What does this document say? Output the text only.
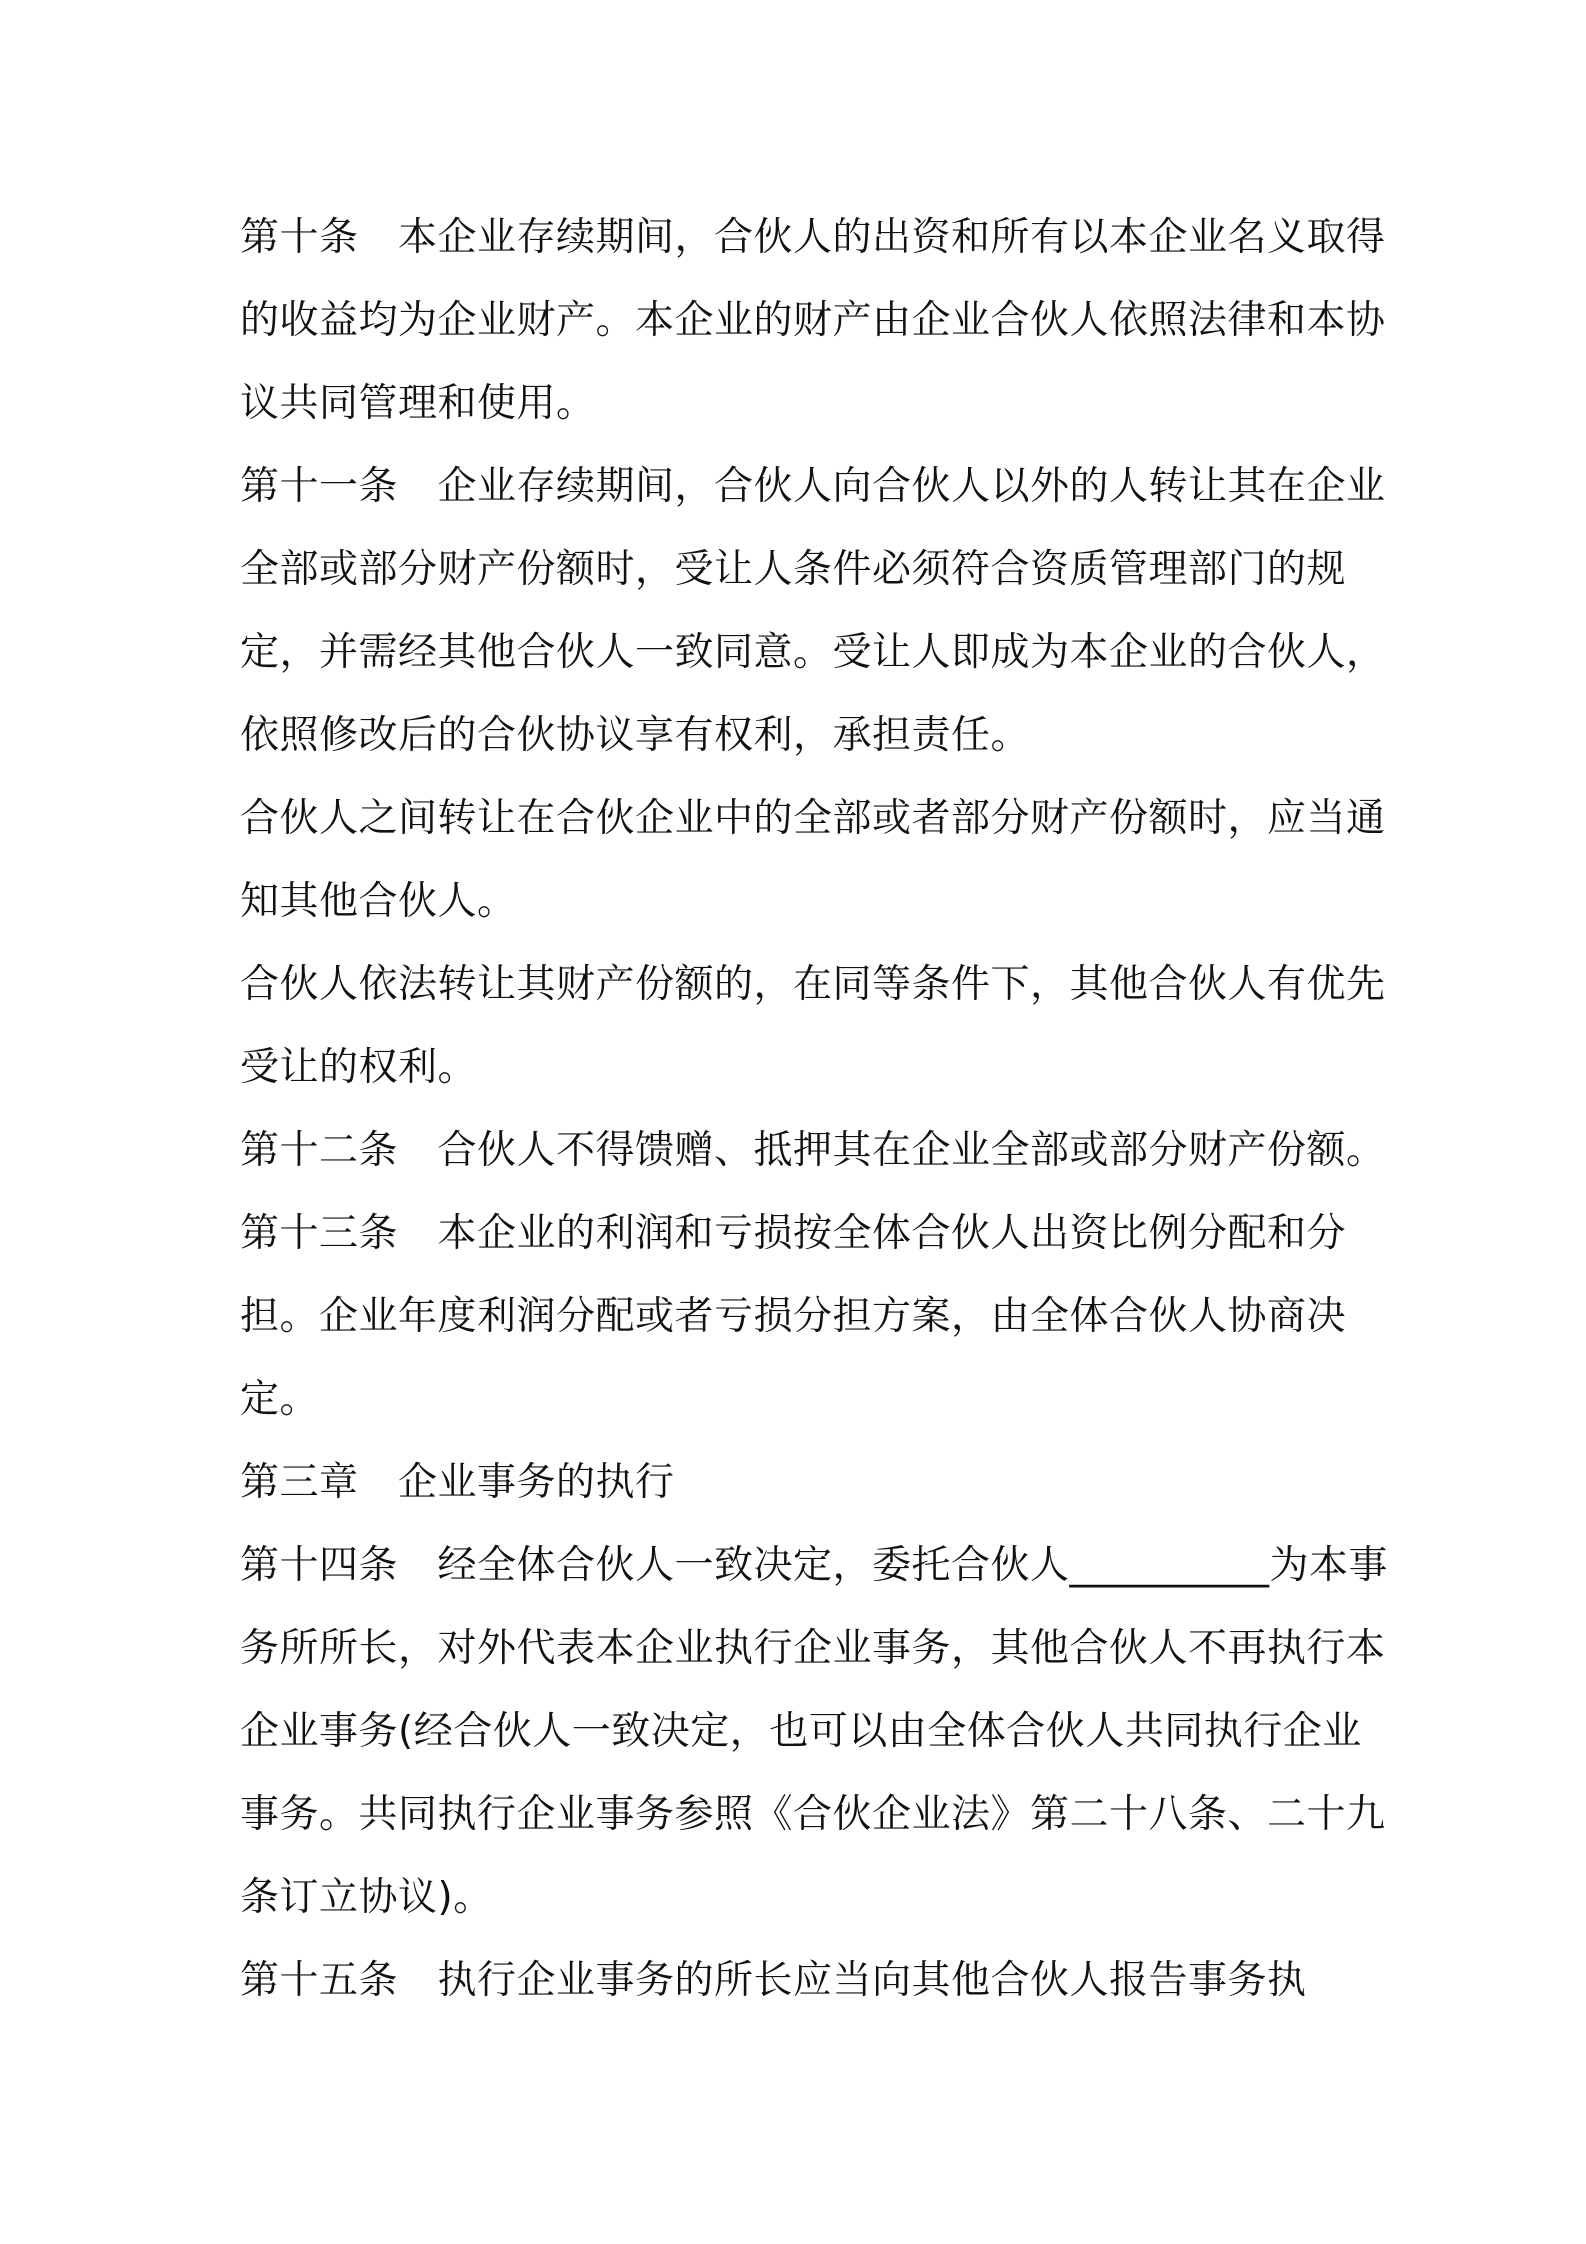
第十条　本企业存续期间，合伙人的出资和所有以本企业名义取得的收益均为企业财产。本企业的财产由企业合伙人依照法律和本协议共同管理和使用。

第十一条　企业存续期间，合伙人向合伙人以外的人转让其在企业全部或部分财产份额时，受让人条件必须符合资质管理部门的规定，并需经其他合伙人一致同意。受让人即成为本企业的合伙人，依照修改后的合伙协议享有权利，承担责任。

合伙人之间转让在合伙企业中的全部或者部分财产份额时，应当通知其他合伙人。

合伙人依法转让其财产份额的，在同等条件下，其他合伙人有优先受让的权利。

第十二条　合伙人不得馈赠、抵押其在企业全部或部分财产份额。

第十三条　本企业的利润和亏损按全体合伙人出资比例分配和分担。企业年度利润分配或者亏损分担方案，由全体合伙人协商决定。

第三章　企业事务的执行

第十四条　经全体合伙人一致决定，委托合伙人__________为本事务所所长，对外代表本企业执行企业事务，其他合伙人不再执行本企业事务(经合伙人一致决定，也可以由全体合伙人共同执行企业事务。共同执行企业事务参照《合伙企业法》第二十八条、二十九条订立协议)。

第十五条　执行企业事务的所长应当向其他合伙人报告事务执
